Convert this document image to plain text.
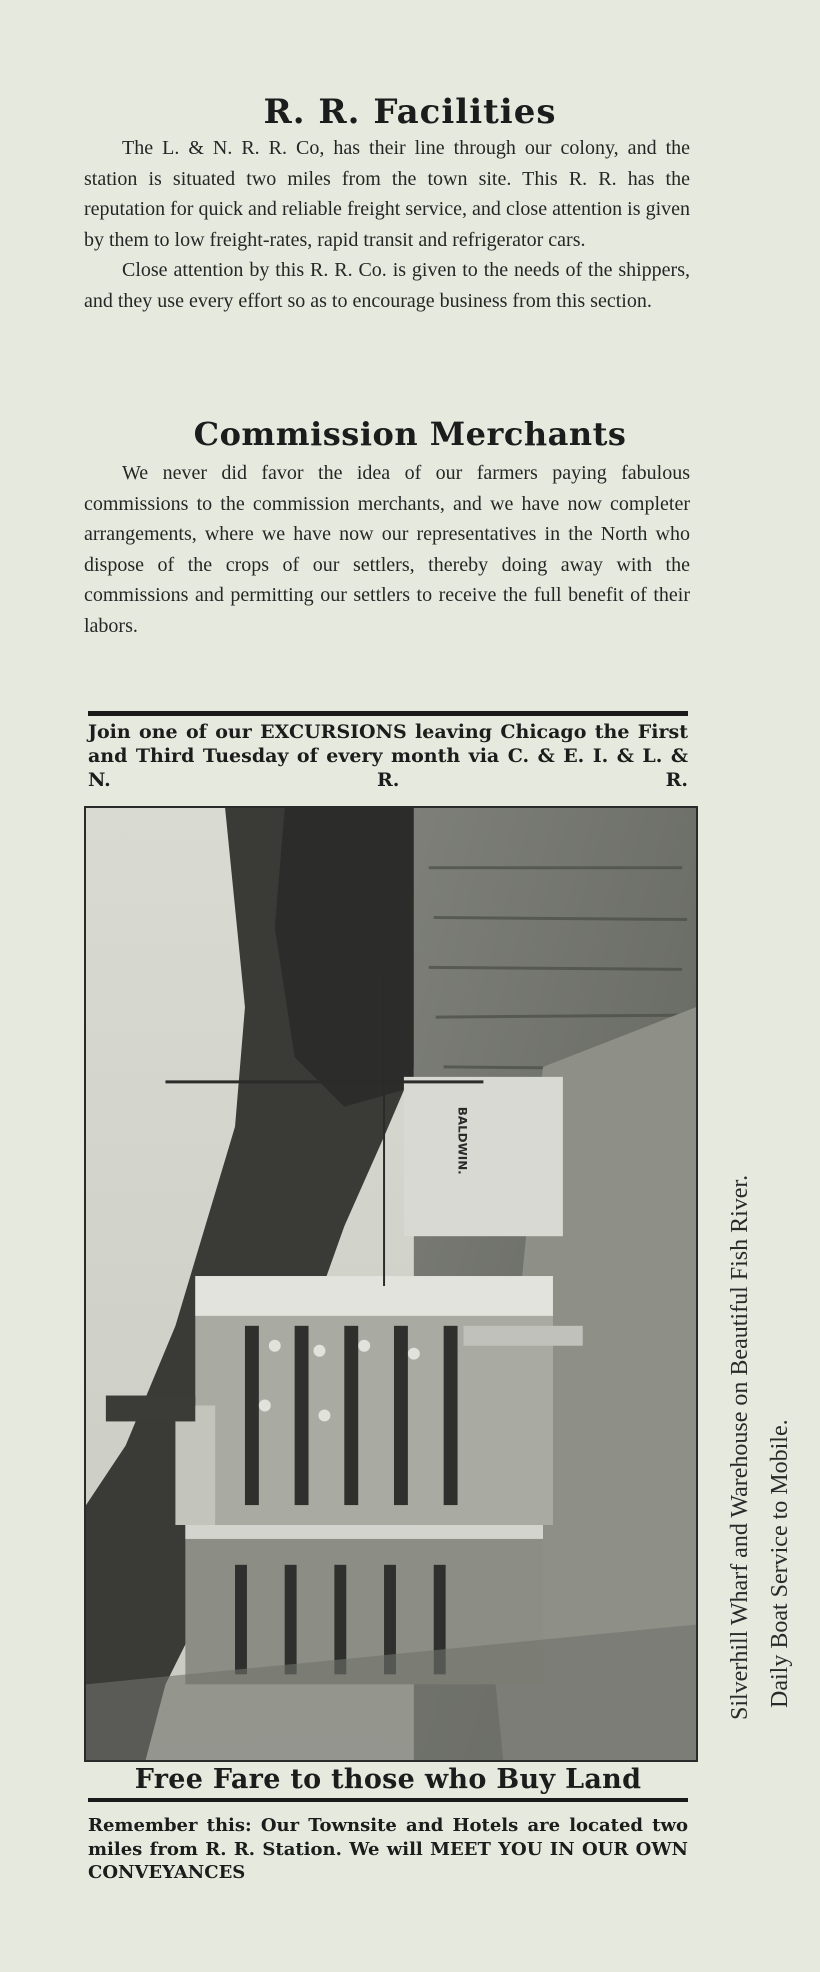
R. R. Facilities

The L. & N. R. R. Co, has their line through our colony, and the station is situated two miles from the town site. This R. R. has the reputation for quick and reliable freight service, and close attention is given by them to low freight-rates, rapid transit and refrigerator cars.

Close attention by this R. R. Co. is given to the needs of the shippers, and they use every effort so as to encourage business from this section.

Commission Merchants

We never did favor the idea of our farmers paying fabulous commissions to the commission merchants, and we have now completer arrangements, where we have now our representatives in the North who dispose of the crops of our settlers, thereby doing away with the commissions and permitting our settlers to receive the full benefit of their labors.

Join one of our EXCURSIONS leaving Chicago the First and Third Tuesday of every month via C. & E. I. & L. & N. R. R.

BALDWIN.

Free Fare to those who Buy Land

Remember this: Our Townsite and Hotels are located two miles from R. R. Station. We will MEET YOU IN OUR OWN CONVEYANCES

Silverhill Wharf and Warehouse on Beautiful Fish River. Daily Boat Service to Mobile.
